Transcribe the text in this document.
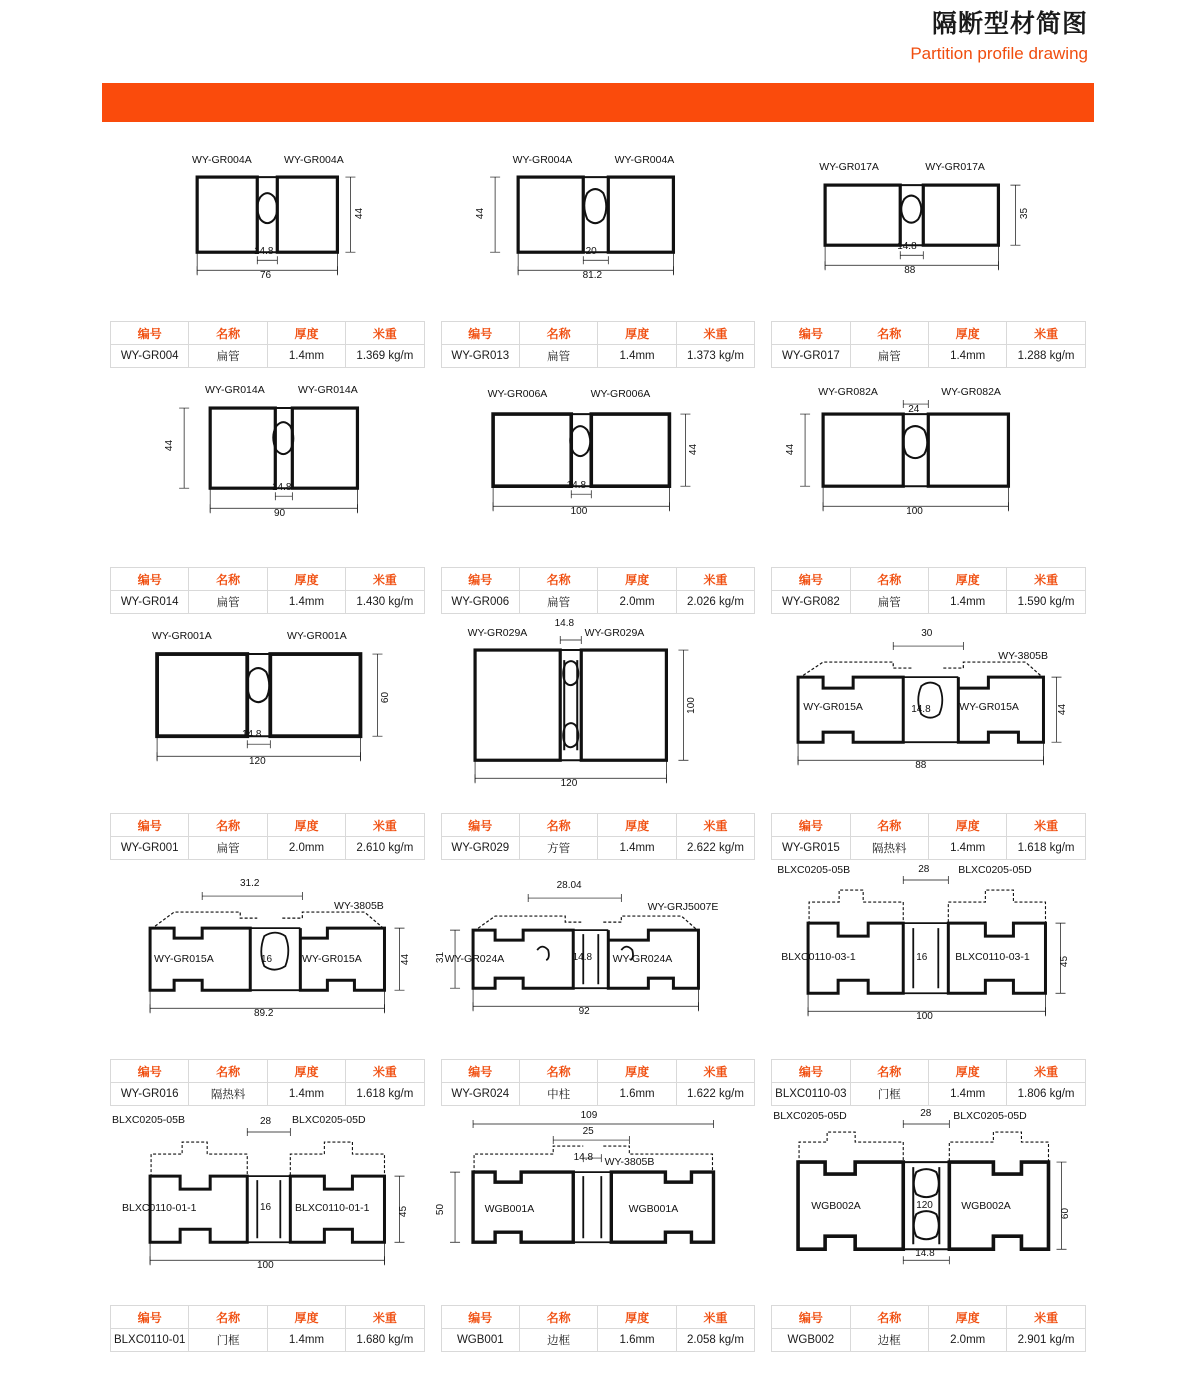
隔断型材简图
Partition profile drawing
WY-GR004A	WY-GR004A
44
14.8
76
编号	名称	厚度	米重
WY-GR004	扁管	1.4mm	1.369 kg/m
WY-GR004A	WY-GR004A
44
20
81.2
编号	名称	厚度	米重
WY-GR013	扁管	1.4mm	1.373 kg/m
WY-GR017A	WY-GR017A
35
14.8
88
编号	名称	厚度	米重
WY-GR017	扁管	1.4mm	1.288 kg/m
WY-GR014A	WY-GR014A
44
14.8
90
编号	名称	厚度	米重
WY-GR014	扁管	1.4mm	1.430 kg/m
WY-GR006A	WY-GR006A
44
14.8
100
编号	名称	厚度	米重
WY-GR006	扁管	2.0mm	2.026 kg/m
WY-GR082A	WY-GR082A
44
24
100
编号	名称	厚度	米重
WY-GR082	扁管	1.4mm	1.590 kg/m
WY-GR001A	WY-GR001A
60
14.8
120
编号	名称	厚度	米重
WY-GR001	扁管	2.0mm	2.610 kg/m
WY-GR029A	WY-GR029A
100
14.8
120
编号	名称	厚度	米重
WY-GR029	方管	1.4mm	2.622 kg/m
WY-GR015A	WY-GR015A
WY-3805B
44
14.8
88
30
编号	名称	厚度	米重
WY-GR015	隔热料	1.4mm	1.618 kg/m
WY-GR015A	WY-GR015A
WY-3805B
44
16
89.2
31.2
编号	名称	厚度	米重
WY-GR016	隔热料	1.4mm	1.618 kg/m
WY-GR024A	WY-GR024A
WY-GRJ5007E
31	14.8
92
28.04
编号	名称	厚度	米重
WY-GR024	中柱	1.6mm	1.622 kg/m
BLXC0110-03-1	BLXC0110-03-1
BLXC0205-05B	BLXC0205-05D
45
16
100
28
编号	名称	厚度	米重
BLXC0110-03	门框	1.4mm	1.806 kg/m
BLXC0110-01-1	BLXC0110-01-1
BLXC0205-05B	BLXC0205-05D
45
16
100
28
编号	名称	厚度	米重
BLXC0110-01	门框	1.4mm	1.680 kg/m
WGB001A	WGB001A
WY-3805B
50
14.8
109
25
编号	名称	厚度	米重
WGB001	边框	1.6mm	2.058 kg/m
WGB002A	WGB002A
BLXC0205-05D	BLXC0205-05D
60
120
14.8
28
编号	名称	厚度	米重
WGB002	边框	2.0mm	2.901 kg/m
